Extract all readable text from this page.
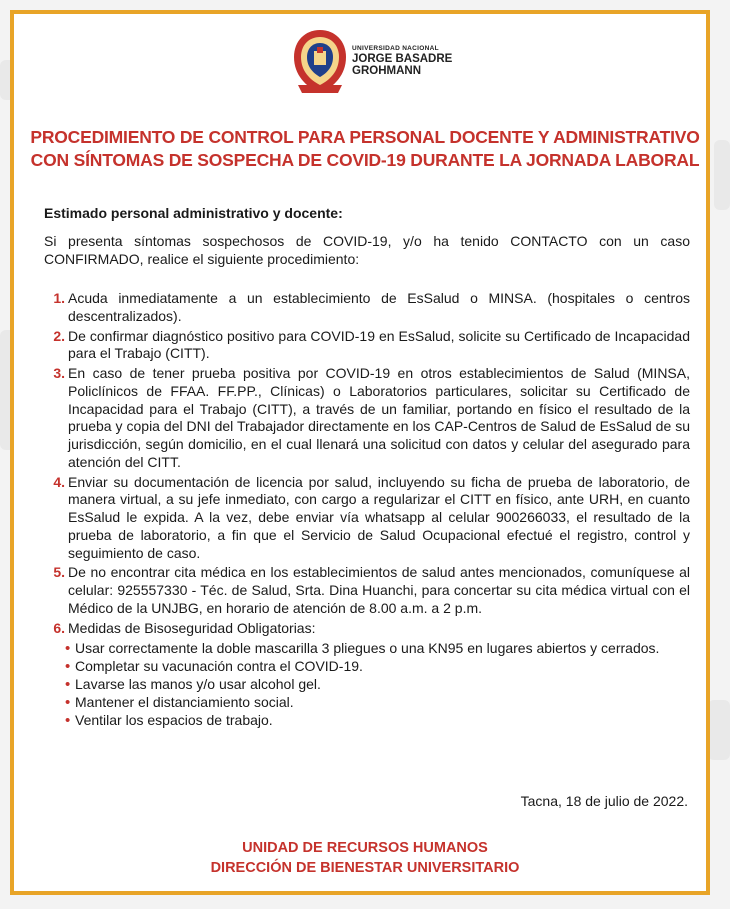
UNIVERSIDAD NACIONAL
JORGE BASADRE
GROHMANN
PROCEDIMIENTO DE CONTROL PARA PERSONAL DOCENTE Y ADMINISTRATIVO
CON SÍNTOMAS DE SOSPECHA DE COVID-19 DURANTE LA JORNADA LABORAL
Estimado personal administrativo y docente:
Si presenta síntomas sospechosos de COVID-19, y/o ha tenido CONTACTO con un caso CONFIRMADO, realice el siguiente procedimiento:
1. Acuda inmediatamente a un establecimiento de EsSalud o MINSA. (hospitales o centros descentralizados).
2. De confirmar diagnóstico positivo para COVID-19 en EsSalud, solicite su Certificado de Incapacidad para el Trabajo (CITT).
3. En caso de tener prueba positiva por COVID-19 en otros establecimientos de Salud (MINSA, Policlínicos de FFAA. FF.PP., Clínicas) o Laboratorios particulares, solicitar su Certificado de Incapacidad para el Trabajo (CITT), a través de un familiar, portando en físico el resultado de la prueba y copia del DNI del Trabajador directamente en los CAP-Centros de Salud de EsSalud de su jurisdicción, según domicilio, en el cual llenará una solicitud con datos y celular del asegurado para atención del CITT.
4. Enviar su documentación de licencia por salud, incluyendo su ficha de prueba de laboratorio, de manera virtual, a su jefe inmediato, con cargo a regularizar el CITT en físico, ante URH, en cuanto EsSalud le expida. A la vez, debe enviar vía whatsapp al celular 900266033, el resultado de la prueba de laboratorio, a fin que el Servicio de Salud Ocupacional efectué el registro, control y seguimiento de caso.
5. De no encontrar cita médica en los establecimientos de salud antes mencionados, comuníquese al celular: 925557330 - Téc. de Salud, Srta. Dina Huanchi, para concertar su cita médica virtual con el Médico de la UNJBG, en horario de atención de 8.00 a.m. a 2 p.m.
6. Medidas de Bisoseguridad Obligatorias:
• Usar correctamente la doble mascarilla 3 pliegues o una KN95 en lugares abiertos y cerrados.
• Completar su vacunación contra el COVID-19.
• Lavarse las manos y/o usar alcohol gel.
• Mantener el distanciamiento social.
• Ventilar los espacios de trabajo.
Tacna, 18 de julio de 2022.
UNIDAD DE RECURSOS HUMANOS
DIRECCIÓN DE BIENESTAR UNIVERSITARIO
